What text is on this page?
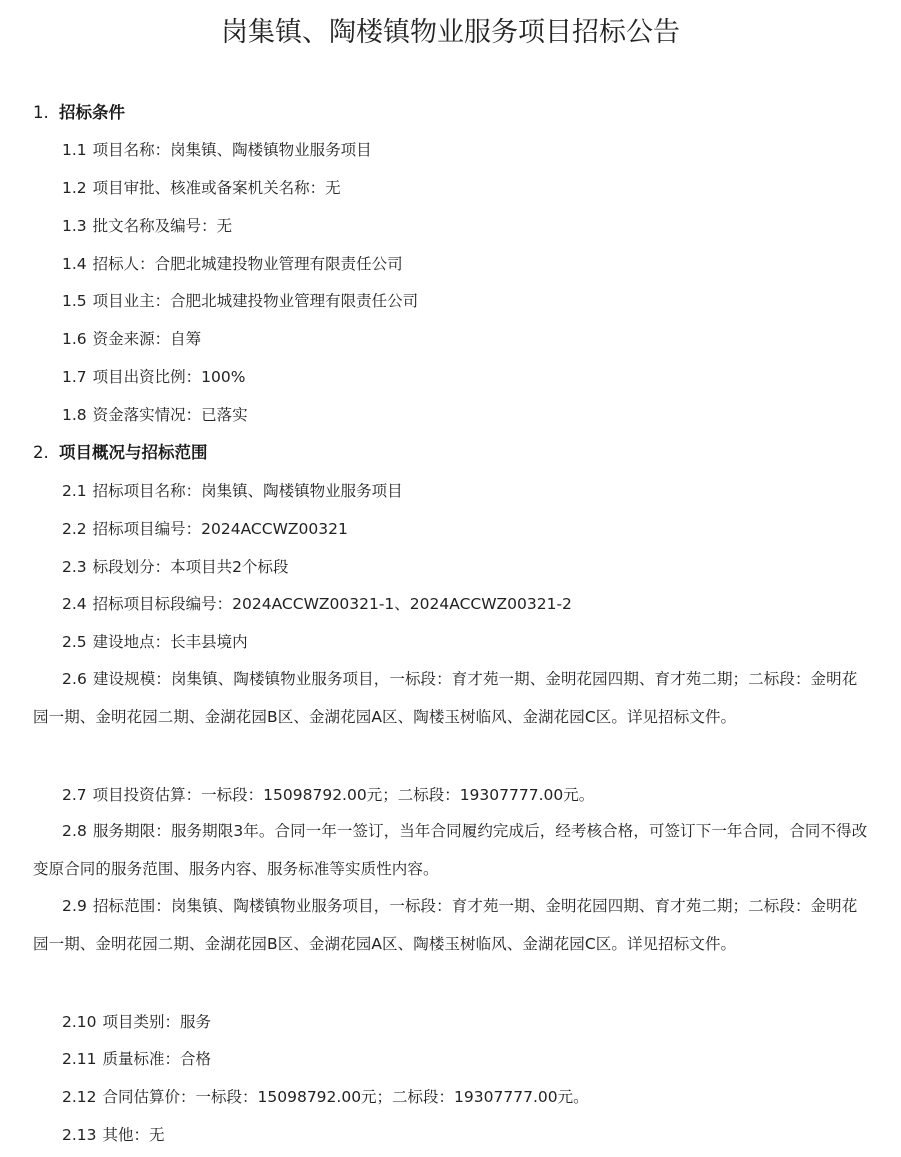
岗集镇、陶楼镇物业服务项目招标公告
1. 招标条件
1.1 项目名称：岗集镇、陶楼镇物业服务项目
1.2 项目审批、核准或备案机关名称：无
1.3 批文名称及编号：无
1.4 招标人：合肥北城建投物业管理有限责任公司
1.5 项目业主：合肥北城建投物业管理有限责任公司
1.6 资金来源：自筹
1.7 项目出资比例：100%
1.8 资金落实情况：已落实
2. 项目概况与招标范围
2.1 招标项目名称：岗集镇、陶楼镇物业服务项目
2.2 招标项目编号：2024ACCWZ00321
2.3 标段划分：本项目共2个标段
2.4 招标项目标段编号：2024ACCWZ00321-1、2024ACCWZ00321-2
2.5 建设地点：长丰县境内
2.6 建设规模：岗集镇、陶楼镇物业服务项目，一标段：育才苑一期、金明花园四期、育才苑二期；二标段：金明花园一期、金明花园二期、金湖花园B区、金湖花园A区、陶楼玉树临风、金湖花园C区。详见招标文件。
2.7 项目投资估算：一标段：15098792.00元；二标段：19307777.00元。
2.8 服务期限：服务期限3年。合同一年一签订，当年合同履约完成后，经考核合格，可签订下一年合同，合同不得改变原合同的服务范围、服务内容、服务标准等实质性内容。
2.9 招标范围：岗集镇、陶楼镇物业服务项目，一标段：育才苑一期、金明花园四期、育才苑二期；二标段：金明花园一期、金明花园二期、金湖花园B区、金湖花园A区、陶楼玉树临风、金湖花园C区。详见招标文件。
2.10 项目类别：服务
2.11 质量标准：合格
2.12 合同估算价：一标段：15098792.00元；二标段：19307777.00元。
2.13 其他：无
